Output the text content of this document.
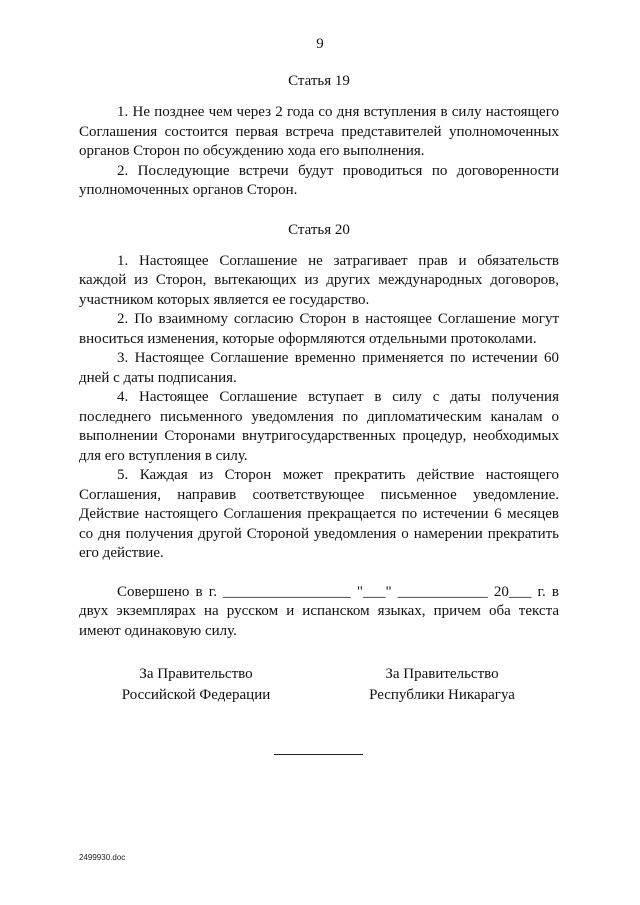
9
Статья 19

1. Не позднее чем через 2 года со дня вступления в силу настоящего Соглашения состоится первая встреча представителей уполномоченных органов Сторон по обсуждению хода его выполнения.

2. Последующие встречи будут проводиться по договоренности уполномоченных органов Сторон.

Статья 20

1. Настоящее Соглашение не затрагивает прав и обязательств каждой из Сторон, вытекающих из других международных договоров, участником которых является ее государство.

2. По взаимному согласию Сторон в настоящее Соглашение могут вноситься изменения, которые оформляются отдельными протоколами.

3. Настоящее Соглашение временно применяется по истечении 60 дней с даты подписания.

4. Настоящее Соглашение вступает в силу с даты получения последнего письменного уведомления по дипломатическим каналам о выполнении Сторонами внутригосударственных процедур, необходимых для его вступления в силу.

5. Каждая из Сторон может прекратить действие настоящего Соглашения, направив соответствующее письменное уведомление. Действие настоящего Соглашения прекращается по истечении 6 месяцев со дня получения другой Стороной уведомления о намерении прекратить его действие.

Совершено в г. _________________ "___" ____________ 20___ г. в двух экземплярах на русском и испанском языках, причем оба текста имеют одинаковую силу.

За Правительство
Российской Федерации
За Правительство
Республики Никарагуа
2499930.doc
